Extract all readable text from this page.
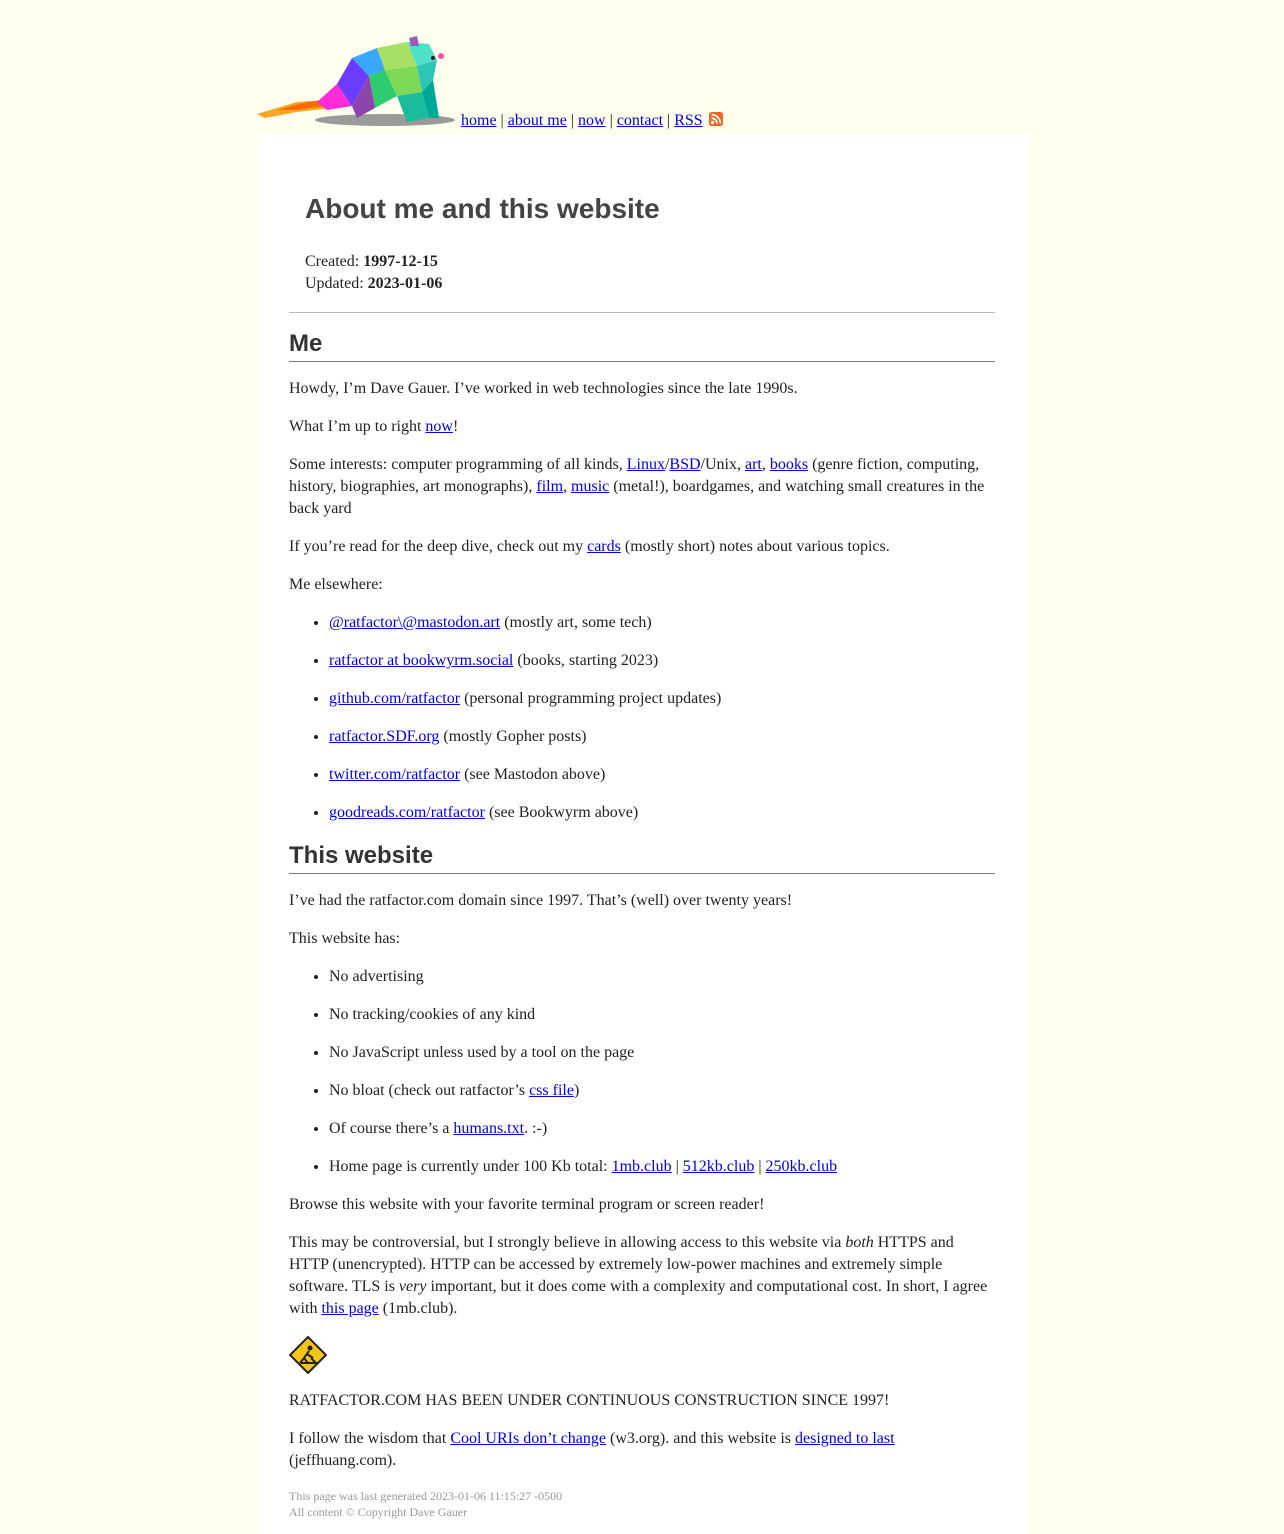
home | about me | now | contact | RSS
About me and this website
Created: 1997-12-15
Updated: 2023-01-06
Me

Howdy, I’m Dave Gauer. I’ve worked in web technologies since the late 1990s.

What I’m up to right now!

Some interests: computer programming of all kinds, Linux/BSD/Unix, art, books (genre fiction, computing, history, biographies, art monographs), film, music (metal!), boardgames, and watching small creatures in the back yard

If you’re read for the deep dive, check out my cards (mostly short) notes about various topics.

Me elsewhere:

• @ratfactor\@mastodon.art (mostly art, some tech)
• ratfactor at bookwyrm.social (books, starting 2023)
• github.com/ratfactor (personal programming project updates)
• ratfactor.SDF.org (mostly Gopher posts)
• twitter.com/ratfactor (see Mastodon above)
• goodreads.com/ratfactor (see Bookwyrm above)
This website

I’ve had the ratfactor.com domain since 1997. That’s (well) over twenty years!

This website has:

• No advertising
• No tracking/cookies of any kind
• No JavaScript unless used by a tool on the page
• No bloat (check out ratfactor’s css file)
• Of course there’s a humans.txt. :-)
• Home page is currently under 100 Kb total: 1mb.club | 512kb.club | 250kb.club

Browse this website with your favorite terminal program or screen reader!

This may be controversial, but I strongly believe in allowing access to this website via both HTTPS and HTTP (unencrypted). HTTP can be accessed by extremely low-power machines and extremely simple software. TLS is very important, but it does come with a complexity and computational cost. In short, I agree with this page (1mb.club).

RATFACTOR.COM HAS BEEN UNDER CONTINUOUS CONSTRUCTION SINCE 1997!

I follow the wisdom that Cool URIs don’t change (w3.org). and this website is designed to last (jeffhuang.com).

This page was last generated 2023-01-06 11:15:27 -0500
All content © Copyright Dave Gauer
